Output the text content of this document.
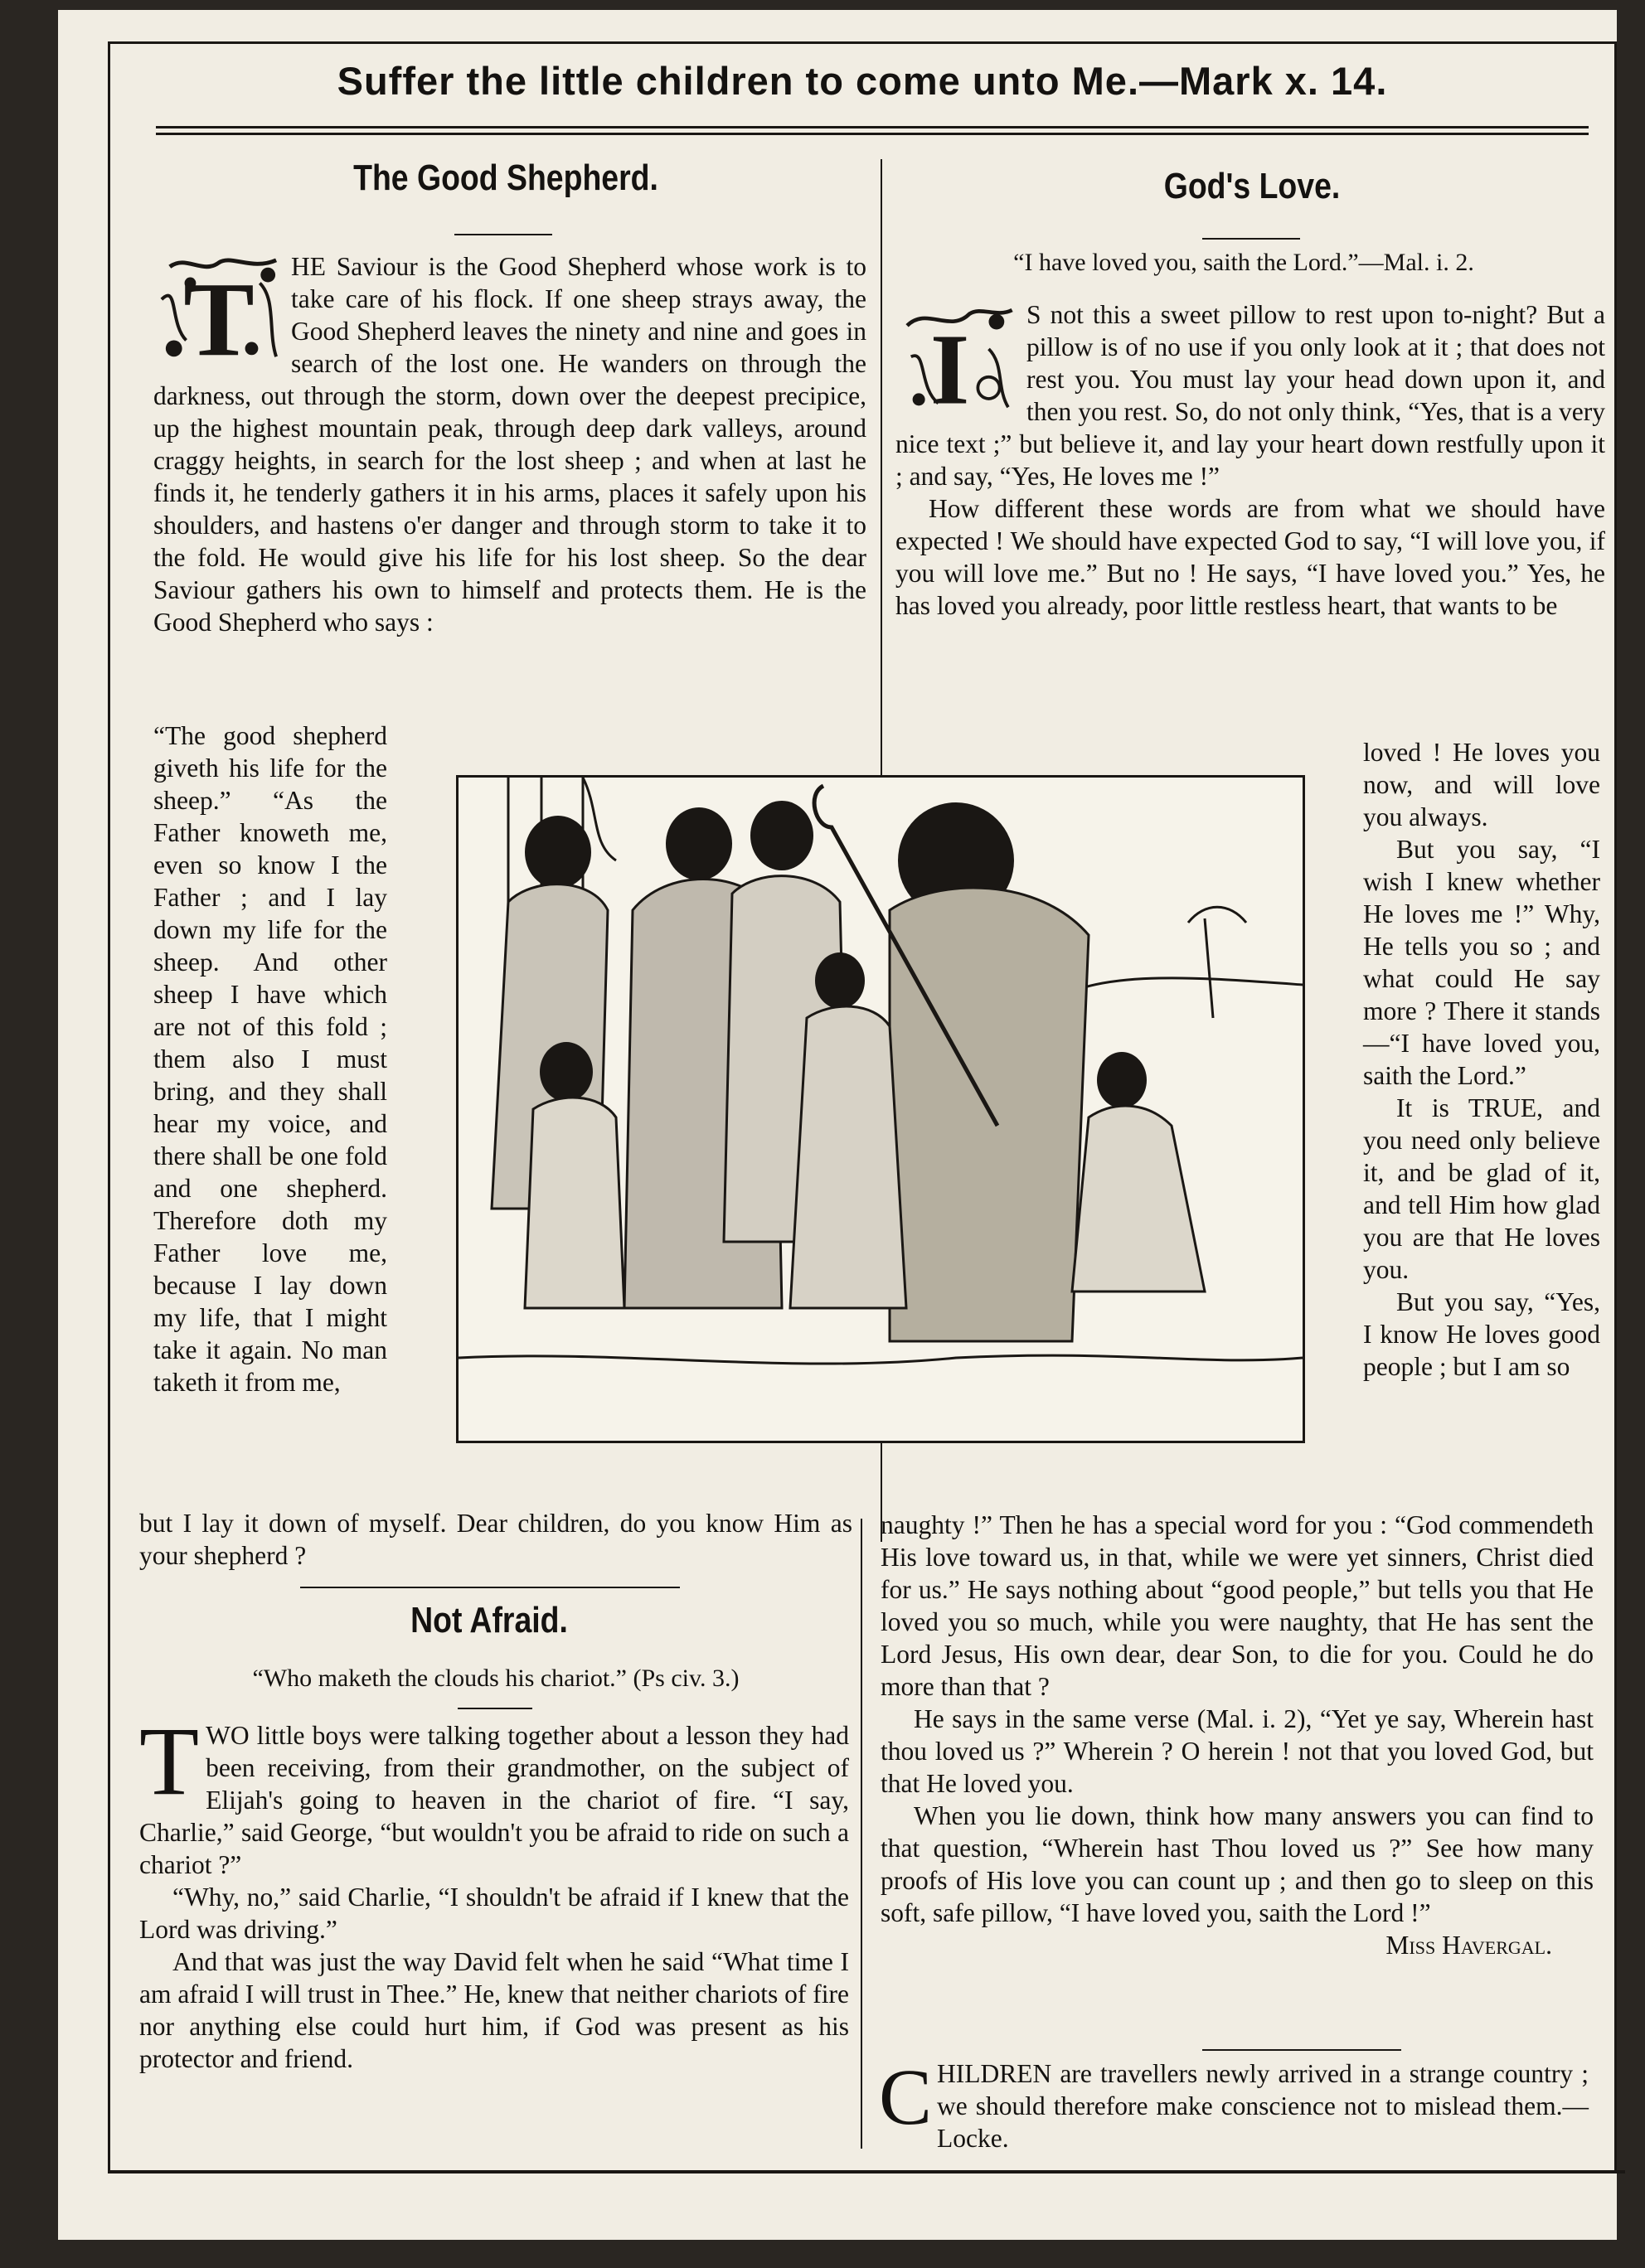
Suffer the little children to come unto Me.—Mark x. 14.
The Good Shepherd.
T	HE Saviour is the Good Shepherd whose work is to take care of his flock. If one sheep strays away, the Good Shepherd leaves the ninety and nine and goes in search of the lost one. He wanders on through the darkness, out through the storm, down over the deepest precipice, up the highest mountain peak, through deep dark valleys, around craggy heights, in search for the lost sheep ; and when at last he finds it, he tenderly gathers it in his arms, places it safely upon his shoulders, and hastens o'er danger and through storm to take it to the fold. He would give his life for his lost sheep. So the dear Saviour gathers his own to himself and protects them. He is the Good Shepherd who says :

“The good shepherd giveth his life for the sheep.” “As the Father knoweth me, even so know I the Father ; and I lay down my life for the sheep. And other sheep I have which are not of this fold ; them also I must bring, and they shall hear my voice, and there shall be one fold and one shepherd. Therefore doth my Father love me, because I lay down my life, that I might take it again. No man taketh it from me,
but I lay it down of myself. Dear children, do you know Him as your shepherd ?
Not Afraid.
“Who maketh the clouds his chariot.” (Ps civ. 3.)
T WO little boys were talking together about a lesson they had been receiving, from their grandmother, on the subject of Elijah's going to heaven in the chariot of fire. “I say, Charlie,” said George, “but wouldn't you be afraid to ride on such a chariot ?”

“Why, no,” said Charlie, “I shouldn't be afraid if I knew that the Lord was driving.”

And that was just the way David felt when he said “What time I am afraid I will trust in Thee.” He, knew that neither chariots of fire nor anything else could hurt him, if God was present as his protector and friend.

God's Love.
“I have loved you, saith the Lord.”—Mal. i. 2.
I	S not this a sweet pillow to rest upon to-night? But a pillow is of no use if you only look at it ; that does not rest you. You must lay your head down upon it, and then you rest. So, do not only think, “Yes, that is a very nice text ;” but believe it, and lay your heart down restfully upon it ; and say, “Yes, He loves me !”

How different these words are from what we should have expected ! We should have expected God to say, “I will love you, if you will love me.” But no ! He says, “I have loved you.” Yes, he has loved you already, poor little restless heart, that wants to be

loved ! He loves you now, and will love you always.

But you say, “I wish I knew whether He loves me !” Why, He tells you so ; and what could He say more ? There it stands—“I have loved you, saith the Lord.”

It is TRUE, and you need only believe it, and be glad of it, and tell Him how glad you are that He loves you.

But you say, “Yes, I know He loves good people ; but I am so

naughty !” Then he has a special word for you : “God commendeth His love toward us, in that, while we were yet sinners, Christ died for us.” He says nothing about “good people,” but tells you that He loved you so much, while you were naughty, that He has sent the Lord Jesus, His own dear, dear Son, to die for you. Could he do more than that ?

He says in the same verse (Mal. i. 2), “Yet ye say, Wherein hast thou loved us ?” Wherein ? O herein ! not that you loved God, but that He loved you.

When you lie down, think how many answers you can find to that question, “Wherein hast Thou loved us ?” See how many proofs of His love you can count up ; and then go to sleep on this soft, safe pillow, “I have loved you, saith the Lord !”

Miss Havergal.

C HILDREN are travellers newly arrived in a strange country ; we should therefore make conscience not to mislead them.—Locke.
